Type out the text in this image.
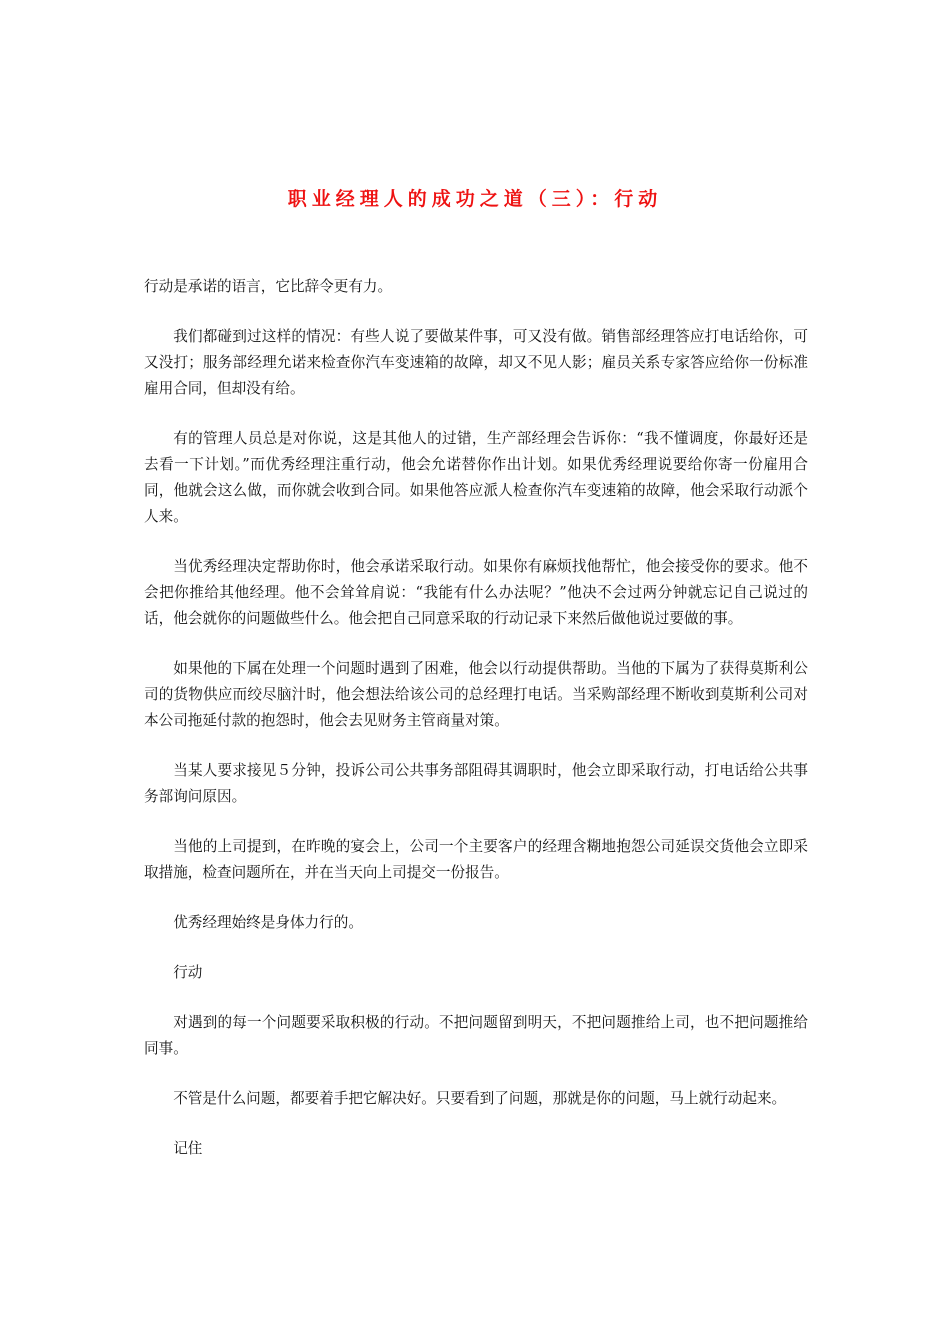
职业经理人的成功之道（三）：行动

行动是承诺的语言，它比辞令更有力。

我们都碰到过这样的情况：有些人说了要做某件事，可又没有做。销售部经理答应打电话给你，可又没打；服务部经理允诺来检查你汽车变速箱的故障，却又不见人影；雇员关系专家答应给你一份标准雇用合同，但却没有给。

有的管理人员总是对你说，这是其他人的过错，生产部经理会告诉你：“我不懂调度，你最好还是去看一下计划。”而优秀经理注重行动，他会允诺替你作出计划。如果优秀经理说要给你寄一份雇用合同，他就会这么做，而你就会收到合同。如果他答应派人检查你汽车变速箱的故障，他会采取行动派个人来。

当优秀经理决定帮助你时，他会承诺采取行动。如果你有麻烦找他帮忙，他会接受你的要求。他不会把你推给其他经理。他不会耸耸肩说：“我能有什么办法呢？”他决不会过两分钟就忘记自己说过的话，他会就你的问题做些什么。他会把自己同意采取的行动记录下来然后做他说过要做的事。

如果他的下属在处理一个问题时遇到了困难，他会以行动提供帮助。当他的下属为了获得莫斯利公司的货物供应而绞尽脑汁时，他会想法给该公司的总经理打电话。当采购部经理不断收到莫斯利公司对本公司拖延付款的抱怨时，他会去见财务主管商量对策。

当某人要求接见５分钟，投诉公司公共事务部阻碍其调职时，他会立即采取行动，打电话给公共事务部询问原因。

当他的上司提到，在昨晚的宴会上，公司一个主要客户的经理含糊地抱怨公司延误交货他会立即采取措施，检查问题所在，并在当天向上司提交一份报告。

优秀经理始终是身体力行的。

行动

对遇到的每一个问题要采取积极的行动。不把问题留到明天，不把问题推给上司，也不把问题推给同事。

不管是什么问题，都要着手把它解决好。只要看到了问题，那就是你的问题，马上就行动起来。

记住
